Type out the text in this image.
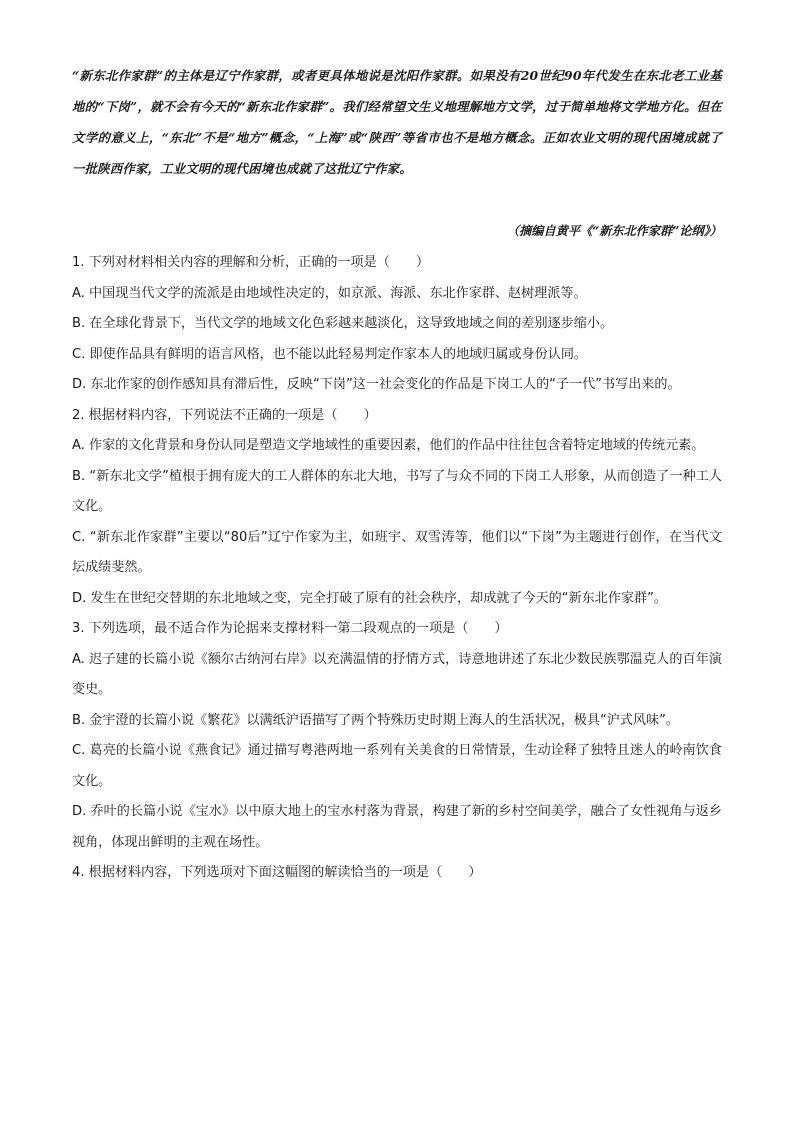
“新东北作家群”的主体是辽宁作家群，或者更具体地说是沈阳作家群。如果没有20世纪90年代发生在东北老工业基地的“下岗”，就不会有今天的“新东北作家群”。我们经常望文生义地理解地方文学，过于简单地将文学地方化。但在文学的意义上，“东北”不是“地方”概念，“上海”或“陕西”等省市也不是地方概念。正如农业文明的现代困境成就了一批陕西作家，工业文明的现代困境也成就了这批辽宁作家。

（摘编自黄平《“新东北作家群”论纲》）

1. 下列对材料相关内容的理解和分析，正确的一项是（　　）

A. 中国现当代文学的流派是由地域性决定的，如京派、海派、东北作家群、赵树理派等。

B. 在全球化背景下，当代文学的地域文化色彩越来越淡化，这导致地域之间的差别逐步缩小。

C. 即使作品具有鲜明的语言风格，也不能以此轻易判定作家本人的地域归属或身份认同。

D. 东北作家的创作感知具有滞后性，反映“下岗”这一社会变化的作品是下岗工人的“子一代”书写出来的。

2. 根据材料内容，下列说法不正确的一项是（　　）

A. 作家的文化背景和身份认同是塑造文学地域性的重要因素，他们的作品中往往包含着特定地域的传统元素。

B. “新东北文学”植根于拥有庞大的工人群体的东北大地，书写了与众不同的下岗工人形象，从而创造了一种工人文化。

C. “新东北作家群”主要以“80后”辽宁作家为主，如班宇、双雪涛等，他们以“下岗”为主题进行创作，在当代文坛成绩斐然。

D. 发生在世纪交替期的东北地域之变，完全打破了原有的社会秩序，却成就了今天的“新东北作家群”。

3. 下列选项，最不适合作为论据来支撑材料一第二段观点的一项是（　　）

A. 迟子建的长篇小说《额尔古纳河右岸》以充满温情的抒情方式，诗意地讲述了东北少数民族鄂温克人的百年演变史。

B. 金宇澄的长篇小说《繁花》以满纸沪语描写了两个特殊历史时期上海人的生活状况，极具“沪式风味”。

C. 葛亮的长篇小说《燕食记》通过描写粤港两地一系列有关美食的日常情景，生动诠释了独特且迷人的岭南饮食文化。

D. 乔叶的长篇小说《宝水》以中原大地上的宝水村落为背景，构建了新的乡村空间美学，融合了女性视角与返乡视角，体现出鲜明的主观在场性。

4. 根据材料内容，下列选项对下面这幅图的解读恰当的一项是（　　）
